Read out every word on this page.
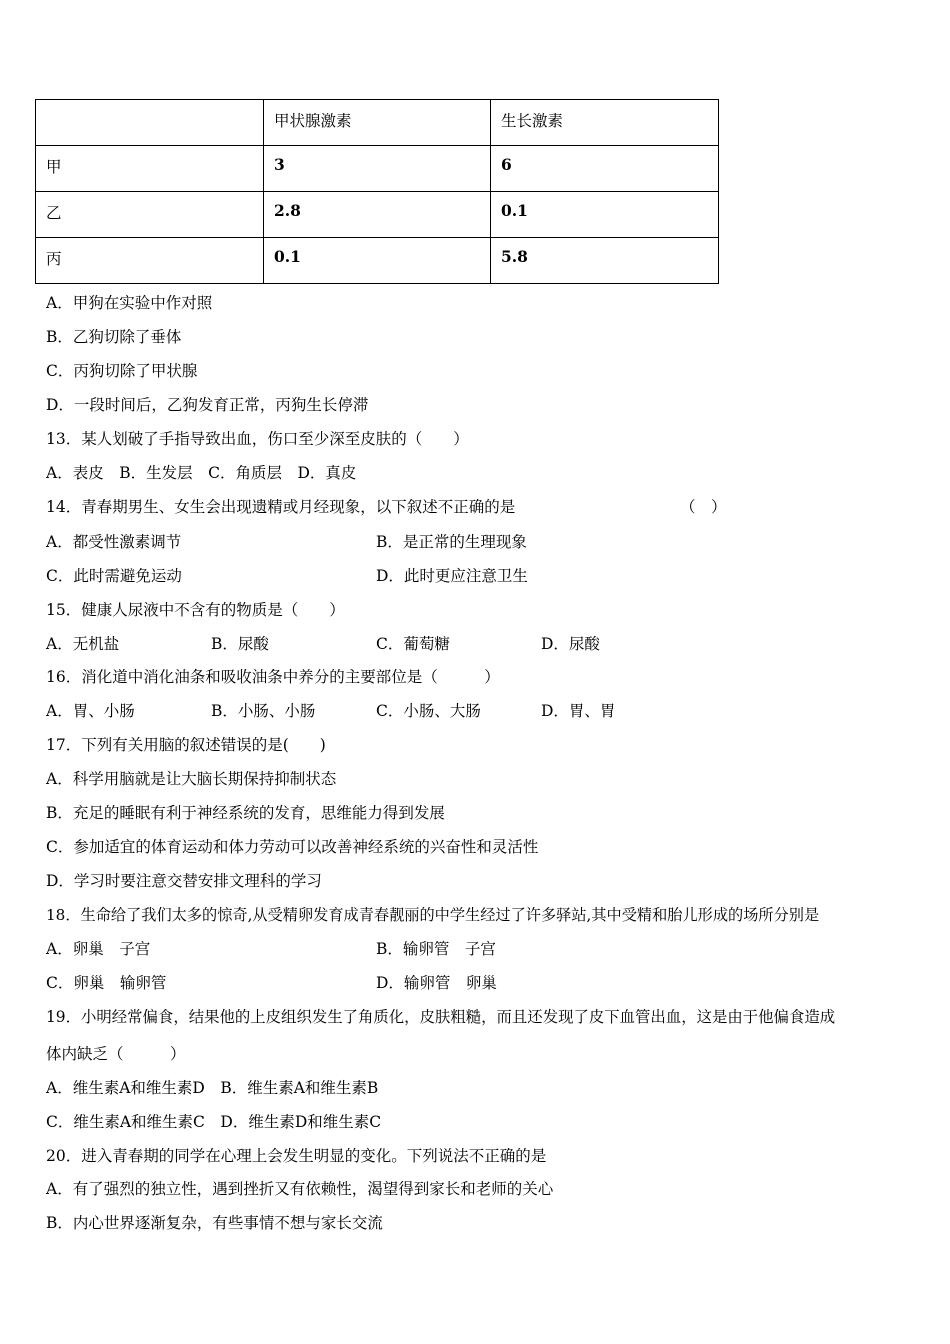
	甲状腺激素	生长激素
甲	3	6
乙	2.8	0.1
丙	0.1	5.8
A．甲狗在实验中作对照
B．乙狗切除了垂体
C．丙狗切除了甲状腺
D．一段时间后，乙狗发育正常，丙狗生长停滞
13．某人划破了手指导致出血，伤口至少深至皮肤的（　　）
A．表皮　B．生发层　C．角质层　D．真皮
14．青春期男生、女生会出现遗精或月经现象，以下叙述不正确的是	（　）
A．都受性激素调节	B．是正常的生理现象
C．此时需避免运动	D．此时更应注意卫生
15．健康人尿液中不含有的物质是（　　）
A．无机盐	B．尿酸	C．葡萄糖	D．尿酸
16．消化道中消化油条和吸收油条中养分的主要部位是（　　　）
A．胃、小肠	B．小肠、小肠	C．小肠、大肠	D．胃、胃
17．下列有关用脑的叙述错误的是(　　)
A．科学用脑就是让大脑长期保持抑制状态
B．充足的睡眠有利于神经系统的发育，思维能力得到发展
C．参加适宜的体育运动和体力劳动可以改善神经系统的兴奋性和灵活性
D．学习时要注意交替安排文理科的学习
18．生命给了我们太多的惊奇,从受精卵发育成青春靓丽的中学生经过了许多驿站,其中受精和胎儿形成的场所分别是
A．卵巢　子宫	B．输卵管　子宫
C．卵巢　输卵管	D．输卵管　卵巢
19．小明经常偏食，结果他的上皮组织发生了角质化，皮肤粗糙，而且还发现了皮下血管出血，这是由于他偏食造成
体内缺乏（　　　）
A．维生素A和维生素D　B．维生素A和维生素B
C．维生素A和维生素C　D．维生素D和维生素C
20．进入青春期的同学在心理上会发生明显的变化。下列说法不正确的是
A．有了强烈的独立性，遇到挫折又有依赖性，渴望得到家长和老师的关心
B．内心世界逐渐复杂，有些事情不想与家长交流
